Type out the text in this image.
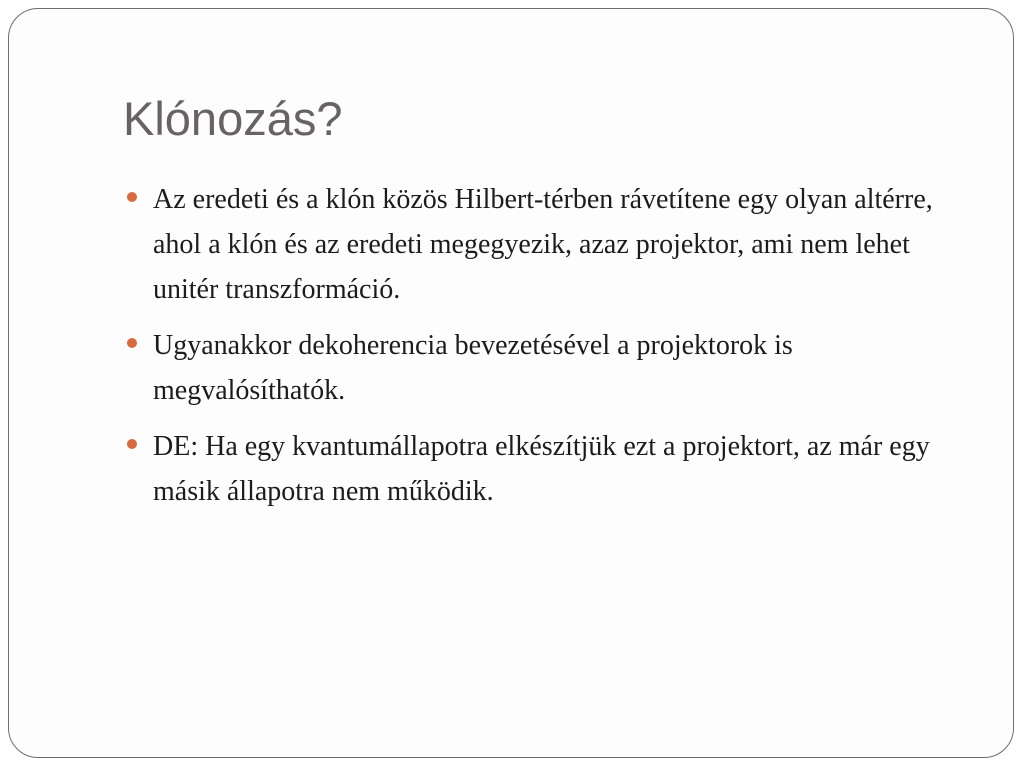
Klónozás?
Az eredeti és a klón közös Hilbert-térben rávetítene egy olyan altérre, ahol a klón és az eredeti megegyezik, azaz projektor, ami nem lehet unitér transzformáció.
Ugyanakkor dekoherencia bevezetésével a projektorok is megvalósíthatók.
DE: Ha egy kvantumállapotra elkészítjük ezt a projektort, az már egy másik állapotra nem működik.
